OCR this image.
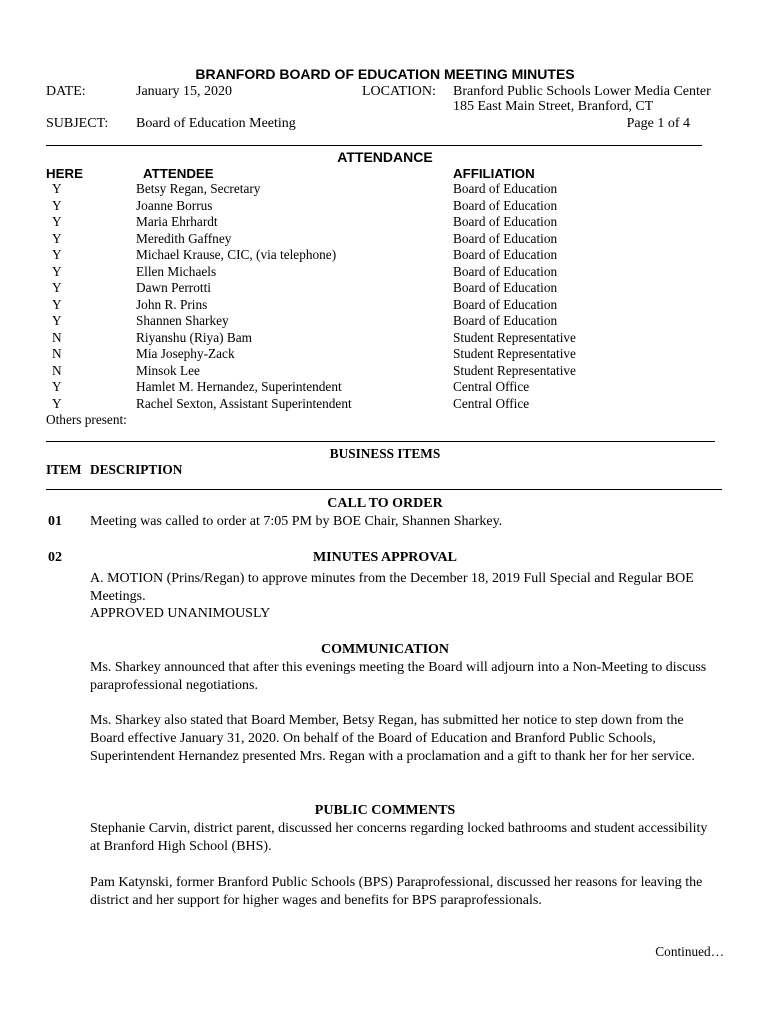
BRANFORD BOARD OF EDUCATION MEETING MINUTES
DATE:	January 15, 2020	LOCATION: Branford Public Schools Lower Media Center
185 East Main Street, Branford, CT
SUBJECT: Board of Education Meeting	Page 1 of 4
ATTENDANCE
HERE	ATTENDEE	AFFILIATION
Y	Betsy Regan, Secretary	Board of Education
Y	Joanne Borrus	Board of Education
Y	Maria Ehrhardt	Board of Education
Y	Meredith Gaffney	Board of Education
Y	Michael Krause, CIC, (via telephone)	Board of Education
Y	Ellen Michaels	Board of Education
Y	Dawn Perrotti	Board of Education
Y	John R. Prins	Board of Education
Y	Shannen Sharkey	Board of Education
N	Riyanshu (Riya) Bam	Student Representative
N	Mia Josephy-Zack	Student Representative
N	Minsok Lee	Student Representative
Y	Hamlet M. Hernandez, Superintendent	Central Office
Y	Rachel Sexton, Assistant Superintendent	Central Office
Others present:
BUSINESS ITEMS
ITEM DESCRIPTION
CALL TO ORDER
01 Meeting was called to order at 7:05 PM by BOE Chair, Shannen Sharkey.
02	MINUTES APPROVAL
A. MOTION (Prins/Regan) to approve minutes from the December 18, 2019 Full Special and Regular BOE Meetings.
APPROVED UNANIMOUSLY
COMMUNICATION
Ms. Sharkey announced that after this evenings meeting the Board will adjourn into a Non-Meeting to discuss paraprofessional negotiations.
Ms. Sharkey also stated that Board Member, Betsy Regan, has submitted her notice to step down from the Board effective January 31, 2020. On behalf of the Board of Education and Branford Public Schools, Superintendent Hernandez presented Mrs. Regan with a proclamation and a gift to thank her for her service.
PUBLIC COMMENTS
Stephanie Carvin, district parent, discussed her concerns regarding locked bathrooms and student accessibility at Branford High School (BHS).
Pam Katynski, former Branford Public Schools (BPS) Paraprofessional, discussed her reasons for leaving the district and her support for higher wages and benefits for BPS paraprofessionals.
Continued…
